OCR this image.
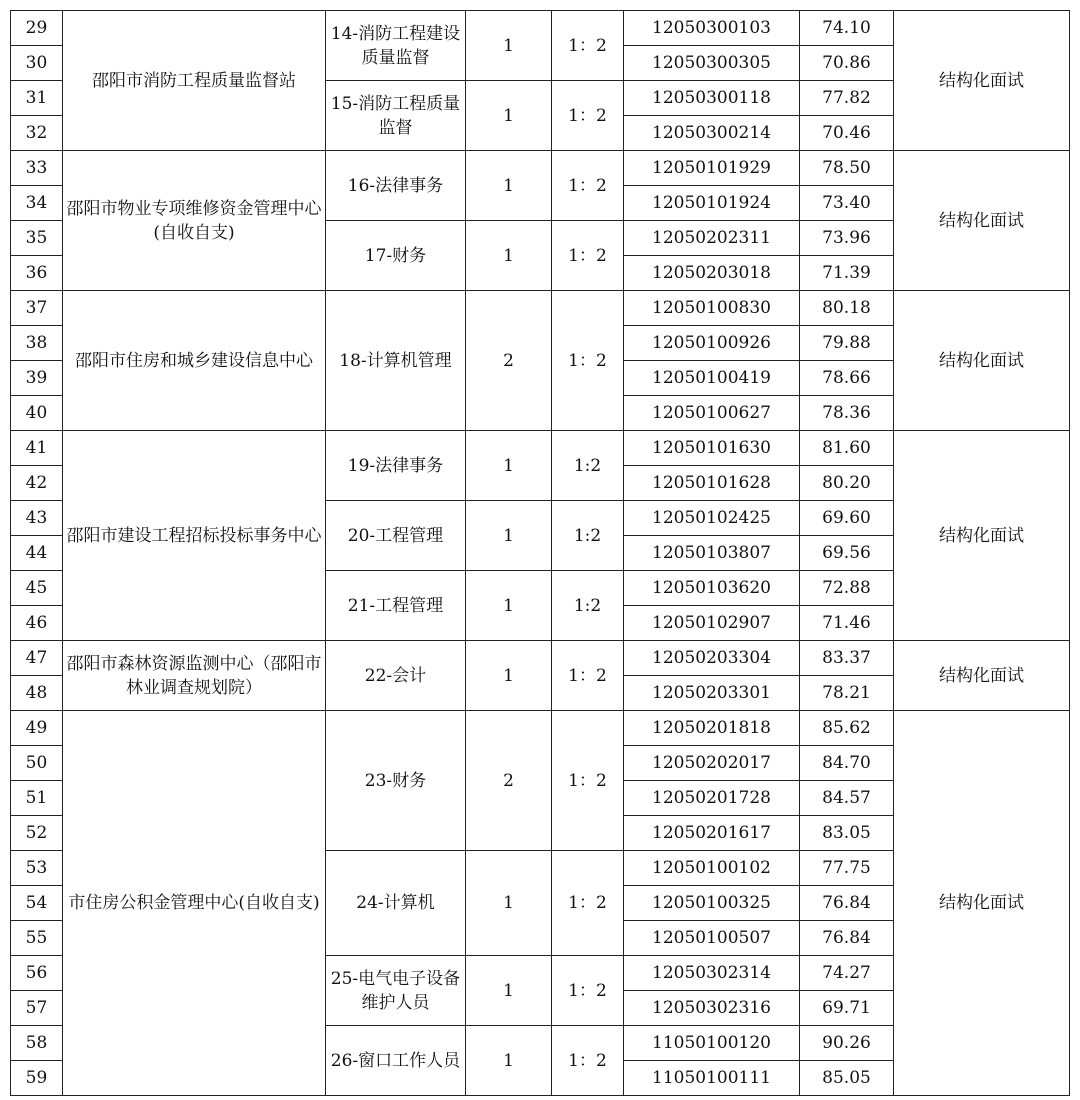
29	邵阳市消防工程质量监督站	14-消防工程建设质量监督	1	1：2	12050300103	74.10	结构化面试
30					12050300305	70.86	
31		15-消防工程质量监督	1	1：2	12050300118	77.82	
32					12050300214	70.46	
33	邵阳市物业专项维修资金管理中心(自收自支)	16-法律事务	1	1：2	12050101929	78.50	结构化面试
34					12050101924	73.40	
35		17-财务	1	1：2	12050202311	73.96	
36					12050203018	71.39	
37	邵阳市住房和城乡建设信息中心	18-计算机管理	2	1：2	12050100830	80.18	结构化面试
38					12050100926	79.88	
39					12050100419	78.66	
40					12050100627	78.36	
41	邵阳市建设工程招标投标事务中心	19-法律事务	1	1:2	12050101630	81.60	结构化面试
42					12050101628	80.20	
43		20-工程管理	1	1:2	12050102425	69.60	
44					12050103807	69.56	
45		21-工程管理	1	1:2	12050103620	72.88	
46					12050102907	71.46	
47	邵阳市森林资源监测中心（邵阳市林业调查规划院）	22-会计	1	1：2	12050203304	83.37	结构化面试
48					12050203301	78.21	
49	市住房公积金管理中心(自收自支)	23-财务	2	1：2	12050201818	85.62	结构化面试
50					12050202017	84.70	
51					12050201728	84.57	
52					12050201617	83.05	
53		24-计算机	1	1：2	12050100102	77.75	
54					12050100325	76.84	
55					12050100507	76.84	
56		25-电气电子设备维护人员	1	1：2	12050302314	74.27	
57					12050302316	69.71	
58		26-窗口工作人员	1	1：2	11050100120	90.26	
59					11050100111	85.05	
